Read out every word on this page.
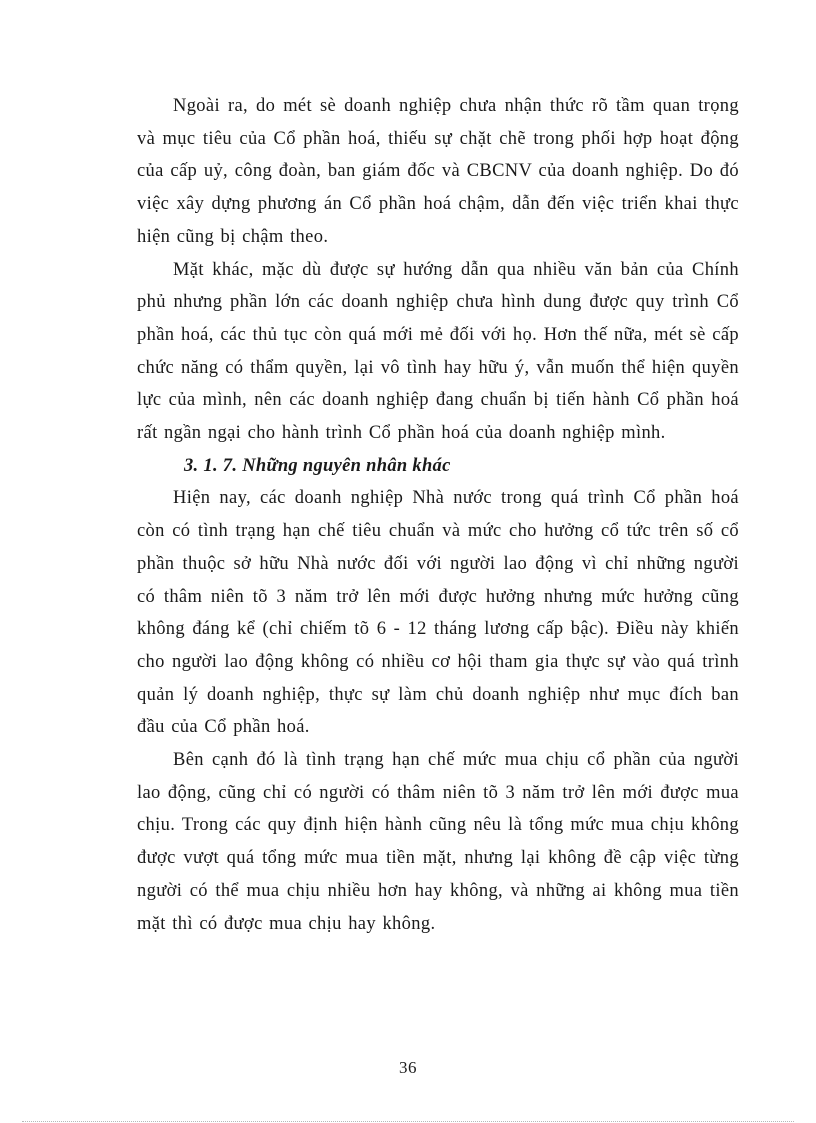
Ngoài ra, do mét sè doanh nghiệp chưa nhận thức rõ tầm quan trọng và mục tiêu của Cổ phần hoá, thiếu sự chặt chẽ trong phối hợp hoạt động của cấp uỷ, công đoàn, ban giám đốc và CBCNV của doanh nghiệp. Do đó việc xây dựng phương án Cổ phần hoá chậm, dẫn đến việc triển khai thực hiện cũng bị chậm theo.

Mặt khác, mặc dù được sự hướng dẫn qua nhiều văn bản của Chính phủ nhưng phần lớn các doanh nghiệp chưa hình dung được quy trình Cổ phần hoá, các thủ tục còn quá mới mẻ đối với họ. Hơn thế nữa, mét sè cấp chức năng có thẩm quyền, lại vô tình hay hữu ý, vẫn muốn thể hiện quyền lực của mình, nên các doanh nghiệp đang chuẩn bị tiến hành Cổ phần hoá rất ngần ngại cho hành trình Cổ phần hoá của doanh nghiệp mình.

3. 1. 7. Những nguyên nhân khác

Hiện nay, các doanh nghiệp Nhà nước trong quá trình Cổ phần hoá còn có tình trạng hạn chế tiêu chuẩn và mức cho hưởng cổ tức trên số cổ phần thuộc sở hữu Nhà nước đối với người lao động vì chỉ những người có thâm niên tõ 3 năm trở lên mới được hưởng nhưng mức hưởng cũng không đáng kể (chỉ chiếm tõ 6 - 12 tháng lương cấp bậc). Điều này khiến cho người lao động không có nhiều cơ hội tham gia thực sự vào quá trình quản lý doanh nghiệp, thực sự làm chủ doanh nghiệp như mục đích ban đầu của Cổ phần hoá.

Bên cạnh đó là tình trạng hạn chế mức mua chịu cổ phần của người lao động, cũng chỉ có người có thâm niên tõ 3 năm trở lên mới được mua chịu. Trong các quy định hiện hành cũng nêu là tổng mức mua chịu không được vượt quá tổng mức mua tiền mặt, nhưng lại không đề cập việc từng người có thể mua chịu nhiều hơn hay không, và những ai không mua tiền mặt thì có được mua chịu hay không.

36
